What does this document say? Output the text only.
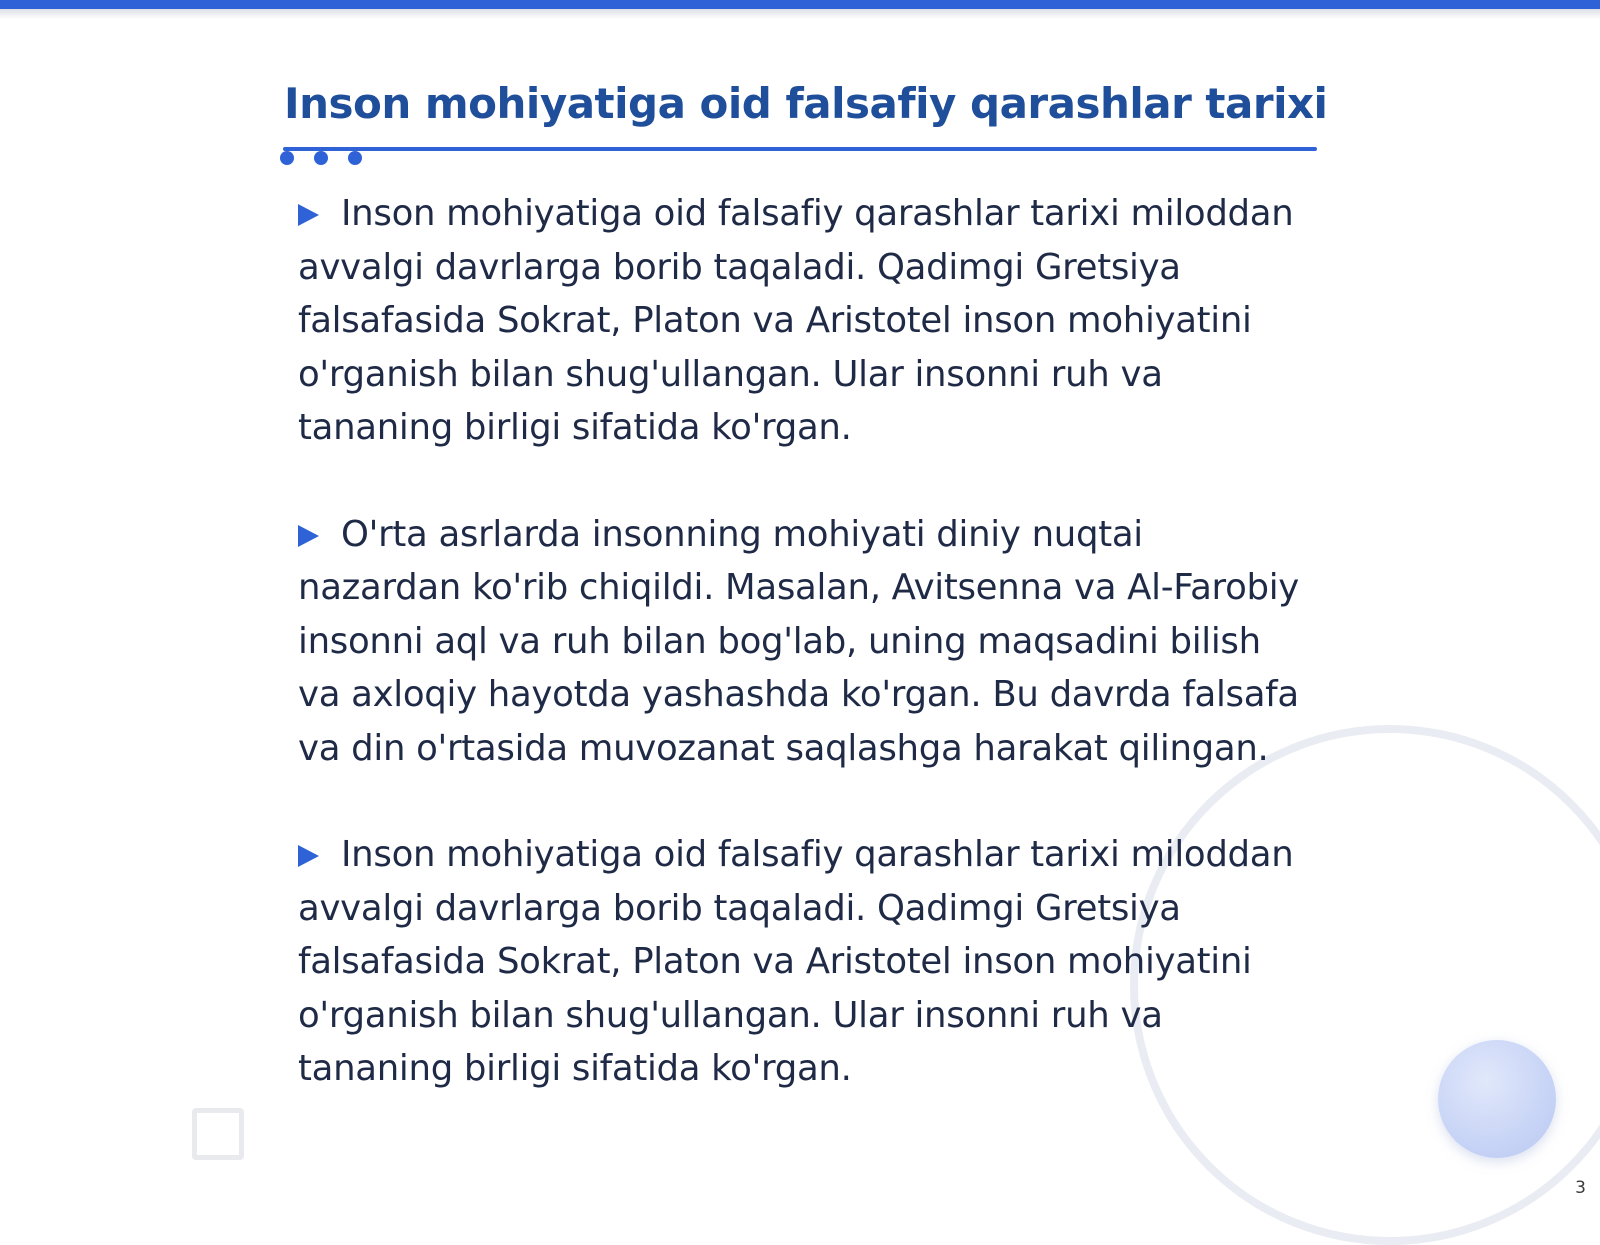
Inson mohiyatiga oid falsafiy qarashlar tarixi

Inson mohiyatiga oid falsafiy qarashlar tarixi miloddan avvalgi davrlarga borib taqaladi. Qadimgi Gretsiya falsafasida Sokrat, Platon va Aristotel inson mohiyatini o'rganish bilan shug'ullangan. Ular insonni ruh va tananing birligi sifatida ko'rgan.

O'rta asrlarda insonning mohiyati diniy nuqtai nazardan ko'rib chiqildi. Masalan, Avitsenna va Al-Farobiy insonni aql va ruh bilan bog'lab, uning maqsadini bilish va axloqiy hayotda yashashda ko'rgan. Bu davrda falsafa va din o'rtasida muvozanat saqlashga harakat qilingan.

Inson mohiyatiga oid falsafiy qarashlar tarixi miloddan avvalgi davrlarga borib taqaladi. Qadimgi Gretsiya falsafasida Sokrat, Platon va Aristotel inson mohiyatini o'rganish bilan shug'ullangan. Ular insonni ruh va tananing birligi sifatida ko'rgan.

3
